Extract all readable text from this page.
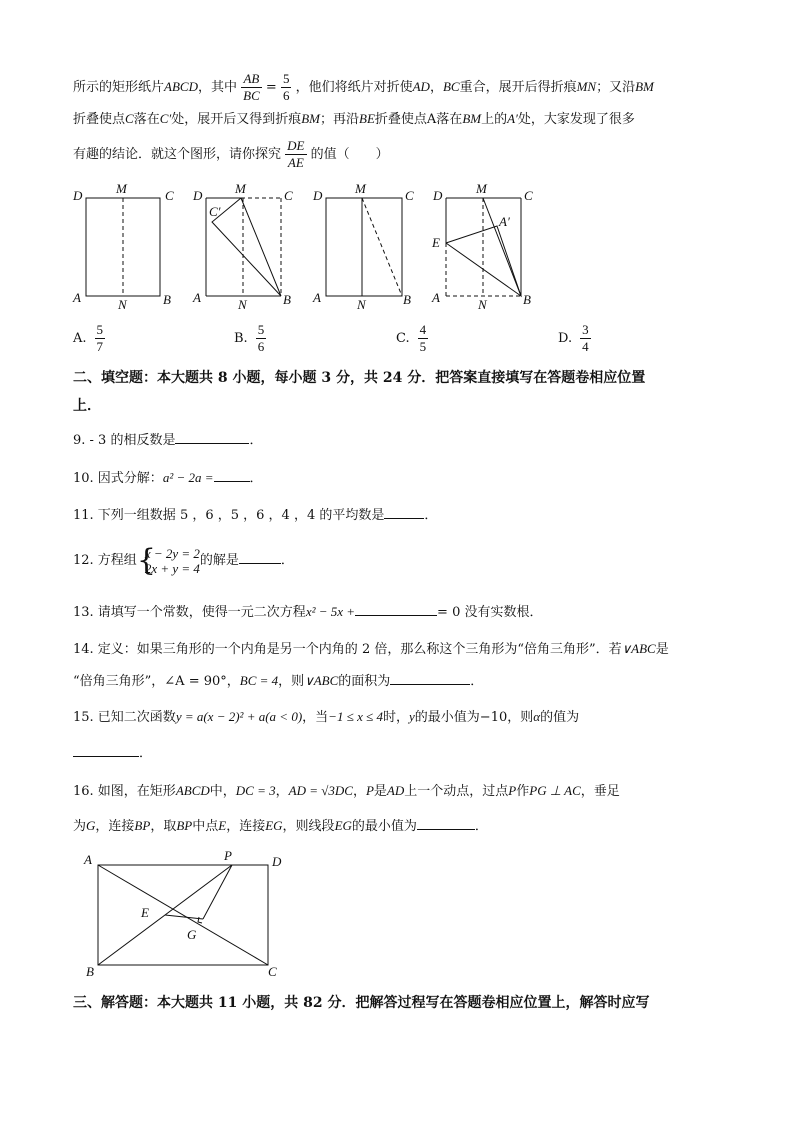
所示的矩形纸片ABCD，其中 $\frac{AB}{BC} = \frac{5}{6}$ ，他们将纸片对折使AD，BC重合，展开后得折痕MN；又沿BM
折叠使点C落在C′处，展开后又得到折痕BM；再沿BE折叠使点A落在BM上的A′处，大家发现了很多
有趣的结论．就这个图形，请你探究 $\frac{DE}{AE}$ 的值（　　）
D	M	C
A	N	B
D	M	C
C′
A	N	B
D	M	C
A	N	B
D	M	C
E
A′
A	N	B
A. $\frac{5}{7}$	B. $\frac{5}{6}$	C. $\frac{4}{5}$	D. $\frac{3}{4}$
二、填空题：本大题共 8 小题，每小题 3 分，共 24 分．把答案直接填写在答题卷相应位置
上．
9. - 3 的相反数是	．
10. 因式分解：a² − 2a =	．
11. 下列一组数据 5 ，6 ，5 ，6 ，4 ，4 的平均数是	．
12. 方程组 {
x − 2y = 2
2x + y = 4 的解是	．
13. 请填写一个常数，使得一元二次方程x² − 5x +	= 0 没有实数根．
14. 定义：如果三角形的一个内角是另一个内角的 2 倍，那么称这个三角形为“倍角三角形”．若∨ABC是
“倍角三角形”，∠A = 90°，BC = 4，则∨ABC的面积为	．
15. 已知二次函数y = a(x − 2)² + a(a < 0)，当−1 ≤ x ≤ 4时，y的最小值为−10，则α的值为
．
16. 如图，在矩形ABCD中，DC = 3，AD = √3DC，P是AD上一个动点，过点P作PG ⊥ AC，垂足
为G，连接BP，取BP中点E，连接EG，则线段EG的最小值为	．
A	P	D
E
G
B	C
三、解答题：本大题共 11 小题，共 82 分．把解答过程写在答题卷相应位置上，解答时应写
